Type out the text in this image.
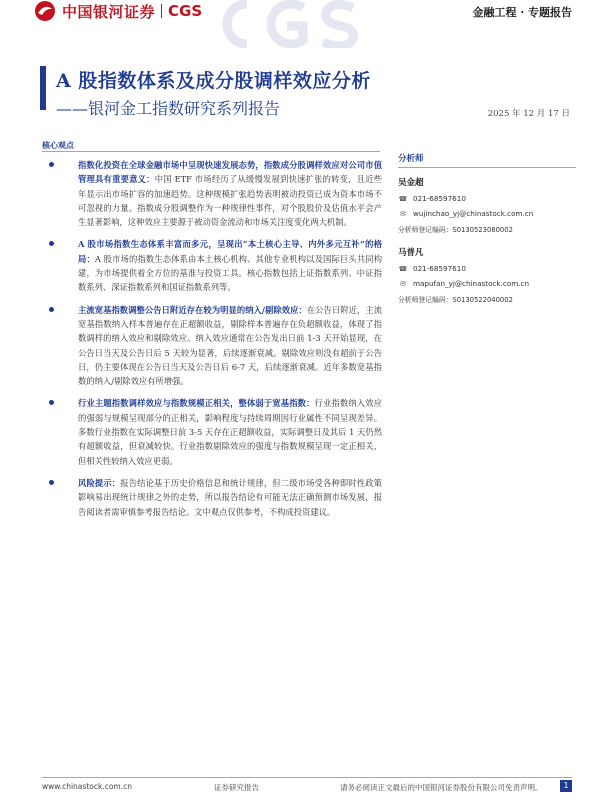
中国银河证券 CGS	金融工程 · 专题报告
A 股指数体系及成分股调样效应分析
——银河金工指数研究系列报告	2025 年 12 月 17 日
核心观点
指数化投资在全球金融市场中呈现快速发展态势，指数成分股调样效应对公司市值管理具有重要意义：中国 ETF 市场经历了从缓慢发展到快速扩张的转变，且近些年显示出市场扩容的加速趋势。这种规模扩张趋势表明被动投资已成为资本市场不可忽视的力量。指数成分股调整作为一种规律性事件，对个股股价及估值水平会产生显著影响，这种效应主要源于被动资金流动和市场关注度变化两大机制。
A 股市场指数生态体系丰富而多元，呈现出“本土核心主导、内外多元互补”的格局：A 股市场的指数生态体系由本土核心机构、其他专业机构以及国际巨头共同构建，为市场提供着全方位的基准与投资工具。核心指数包括上证指数系列、中证指数系列、深证指数系列和国证指数系列等。
主流宽基指数调整公告日附近存在较为明显的纳入/剔除效应：在公告日附近，主流宽基指数纳入样本普遍存在正超额收益，剔除样本普遍存在负超额收益，体现了指数调样的纳入效应和剔除效应。纳入效应通常在公告发出日前 1-3 天开始显现，在公告日当天及公告日后 5 天较为显著，后续逐渐衰减。剔除效应则没有超前于公告日，仍主要体现在公告日当天及公告日后 6-7 天，后续逐渐衰减。近年多数宽基指数的纳入/剔除效应有所增强。
行业主题指数调样效应与指数规模正相关，整体弱于宽基指数：行业指数纳入效应的强弱与规模呈现部分的正相关，影响程度与持续周期因行业属性不同呈现差异。多数行业指数在实际调整日前 3-5 天存在正超额收益，实际调整日及其后 1 天仍然有超额收益，但衰减较快。行业指数剔除效应的强度与指数规模呈现一定正相关，但相关性较纳入效应更弱。
风险提示：报告结论基于历史价格信息和统计规律，但二级市场受各种即时性政策影响易出现统计规律之外的走势，所以报告结论有可能无法正确预测市场发展，报告阅读者需审慎参考报告结论。文中观点仅供参考，不构成投资建议。
分析师
吴金超
☎ 021-68597610
✉ wujinchao_yj@chinastock.com.cn
分析师登记编码：S0130523080002
马普凡
☎ 021-68597610
✉ mapufan_yj@chinastock.com.cn
分析师登记编码：S0130522040002
www.chinastock.com.cn	证券研究报告	请务必阅读正文最后的中国银河证券股份有限公司免责声明。	1
